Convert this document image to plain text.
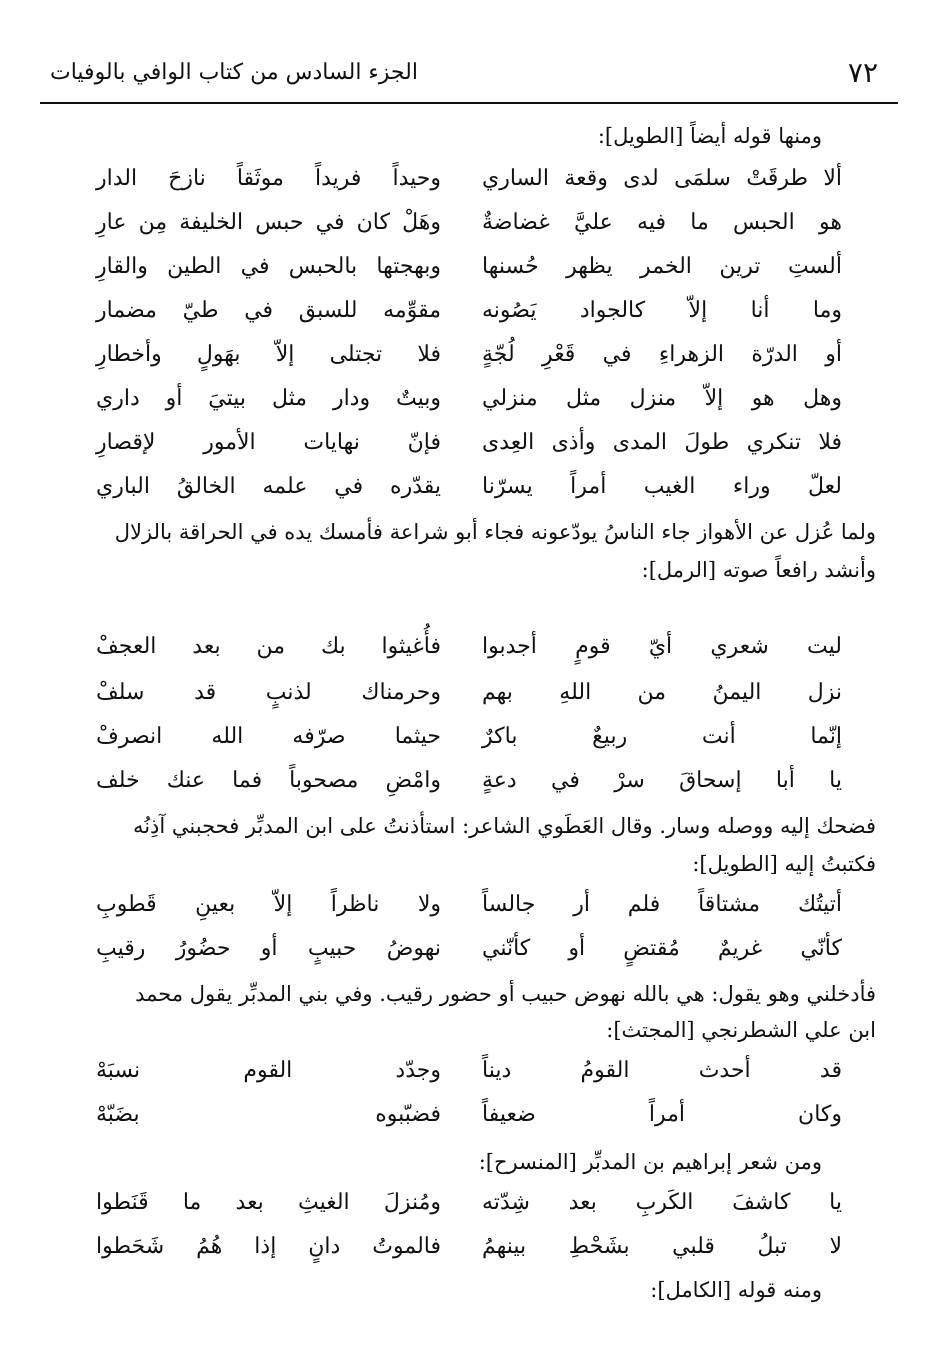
٧٢
الجزء السادس من كتاب الوافي بالوفيات
ومنها قوله أيضاً [الطويل]:
ألا طرقَتْ سلمَى لدى وقعة الساري
وحيداً فريداً موثَقاً نازحَ الدار
هو الحبس ما فيه عليَّ غضاضةٌ
وهَلْ كان في حبس الخليفة مِن عارِ
ألستِ ترين الخمر يظهر حُسنها
وبهجتها بالحبس في الطين والقارِ
وما أنا إلاّ كالجواد يَصُونه
مقوِّمه للسبق في طيّ مضمار
أو الدرّة الزهراءِ في قَعْرِ لُجّةٍ
فلا تجتلى إلاّ بهَولٍ وأخطارِ
وهل هو إلاّ منزل مثل منزلي
وبيتٌ ودار مثل بيتيَ أو داري
فلا تنكري طولَ المدى وأذى العِدى
فإنّ نهايات الأمور لإقصارِ
لعلّ وراء الغيب أمراً يسرّنا
يقدّره في علمه الخالقُ الباري
ولما عُزل عن الأهواز جاء الناسُ يودّعونه فجاء أبو شراعة فأمسك يده في الحراقة بالزلال
وأنشد رافعاً صوته [الرمل]:
ليت شعري أيّ قومٍ أجدبوا
فأُغيثوا بك من بعد العجفْ
نزل اليمنُ من اللهِ بهم
وحرمناك لذنبٍ قد سلفْ
إنّما أنت ربيعٌ باكرٌ
حيثما صرّفه الله انصرفْ
يا أبا إسحاقَ سرْ في دعةٍ
وامْضِ مصحوباً فما عنك خلف
فضحك إليه ووصله وسار. وقال العَطَوي الشاعر: استأذنتُ على ابن المدبِّر فحجبني آذِنُه
فكتبتُ إليه [الطويل]:
أتيتُك مشتاقاً فلم أر جالساً
ولا ناظراً إلاّ بعينِ قَطوبِ
كأنّي غريمٌ مُقتضٍ أو كأنّني
نهوضُ حبيبٍ أو حضُورُ رقيبِ
فأدخلني وهو يقول: هي بالله نهوض حبيب أو حضور رقيب. وفي بني المدبِّر يقول محمد
ابن علي الشطرنجي [المجتث]:
قد أحدث القومُ ديناً
وجدّد القوم نسبَهْ
وكان أمراً ضعيفاً
فضبّبوه بضَبّهْ
ومن شعر إبراهيم بن المدبِّر [المنسرح]:
يا كاشفَ الكَربِ بعد شِدّته
ومُنزلَ الغيثِ بعد ما قَنَطوا
لا تبلُ قلبي بشَحْطِ بينهمُ
فالموتُ دانٍ إذا هُمُ شَحَطوا
ومنه قوله [الكامل]:
